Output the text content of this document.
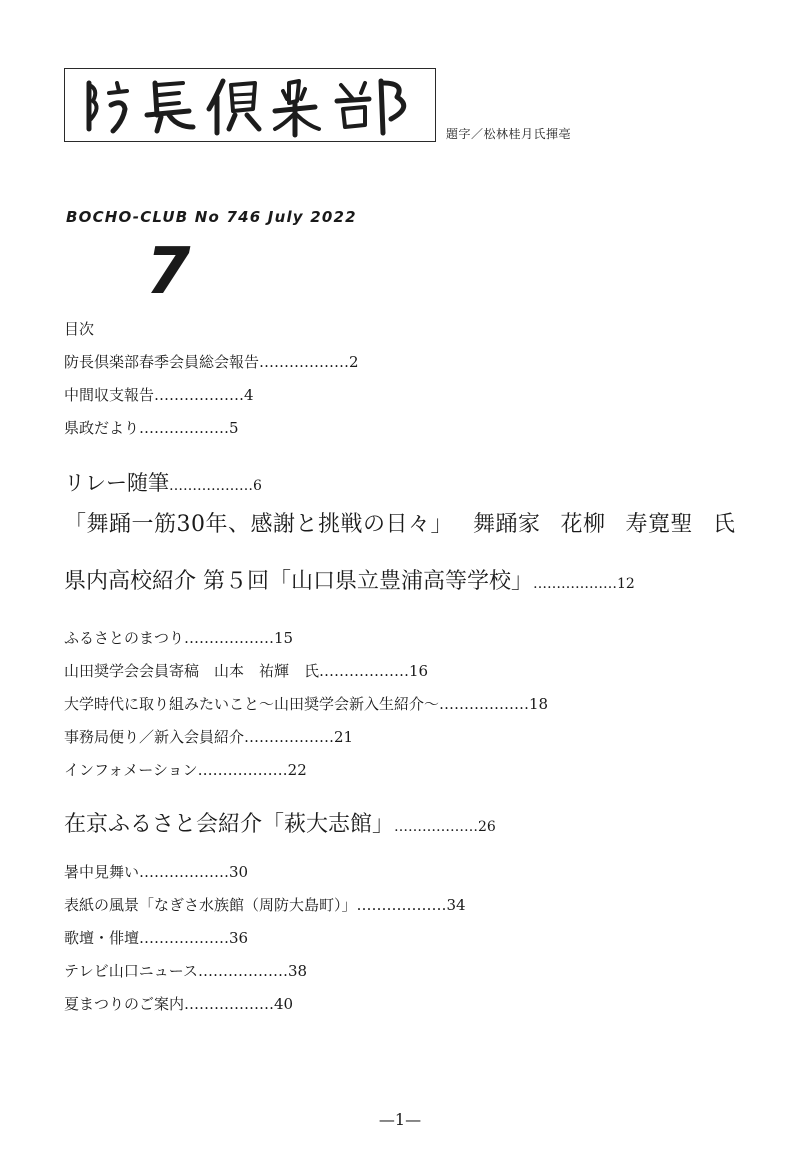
題字／松林桂月氏揮亳
BOCHO-CLUB No 746 July 2022
7
目次
防長倶楽部春季会員総会報告………………2
中間収支報告………………4
県政だより………………5
リレー随筆………………6
「舞踊一筋30年、感謝と挑戦の日々」 舞踊家 花柳 寿寛聖 氏
県内高校紹介 第５回「山口県立豊浦高等学校」………………12
ふるさとのまつり………………15
山田奨学会会員寄稿　山本　祐輝　氏………………16
大学時代に取り組みたいこと～山田奨学会新入生紹介～………………18
事務局便り／新入会員紹介………………21
インフォメーション………………22
在京ふるさと会紹介「萩大志館」………………26
暑中見舞い………………30
表紙の風景「なぎさ水族館（周防大島町）」………………34
歌壇・俳壇………………36
テレビ山口ニュース………………38
夏まつりのご案内………………40
—1—
